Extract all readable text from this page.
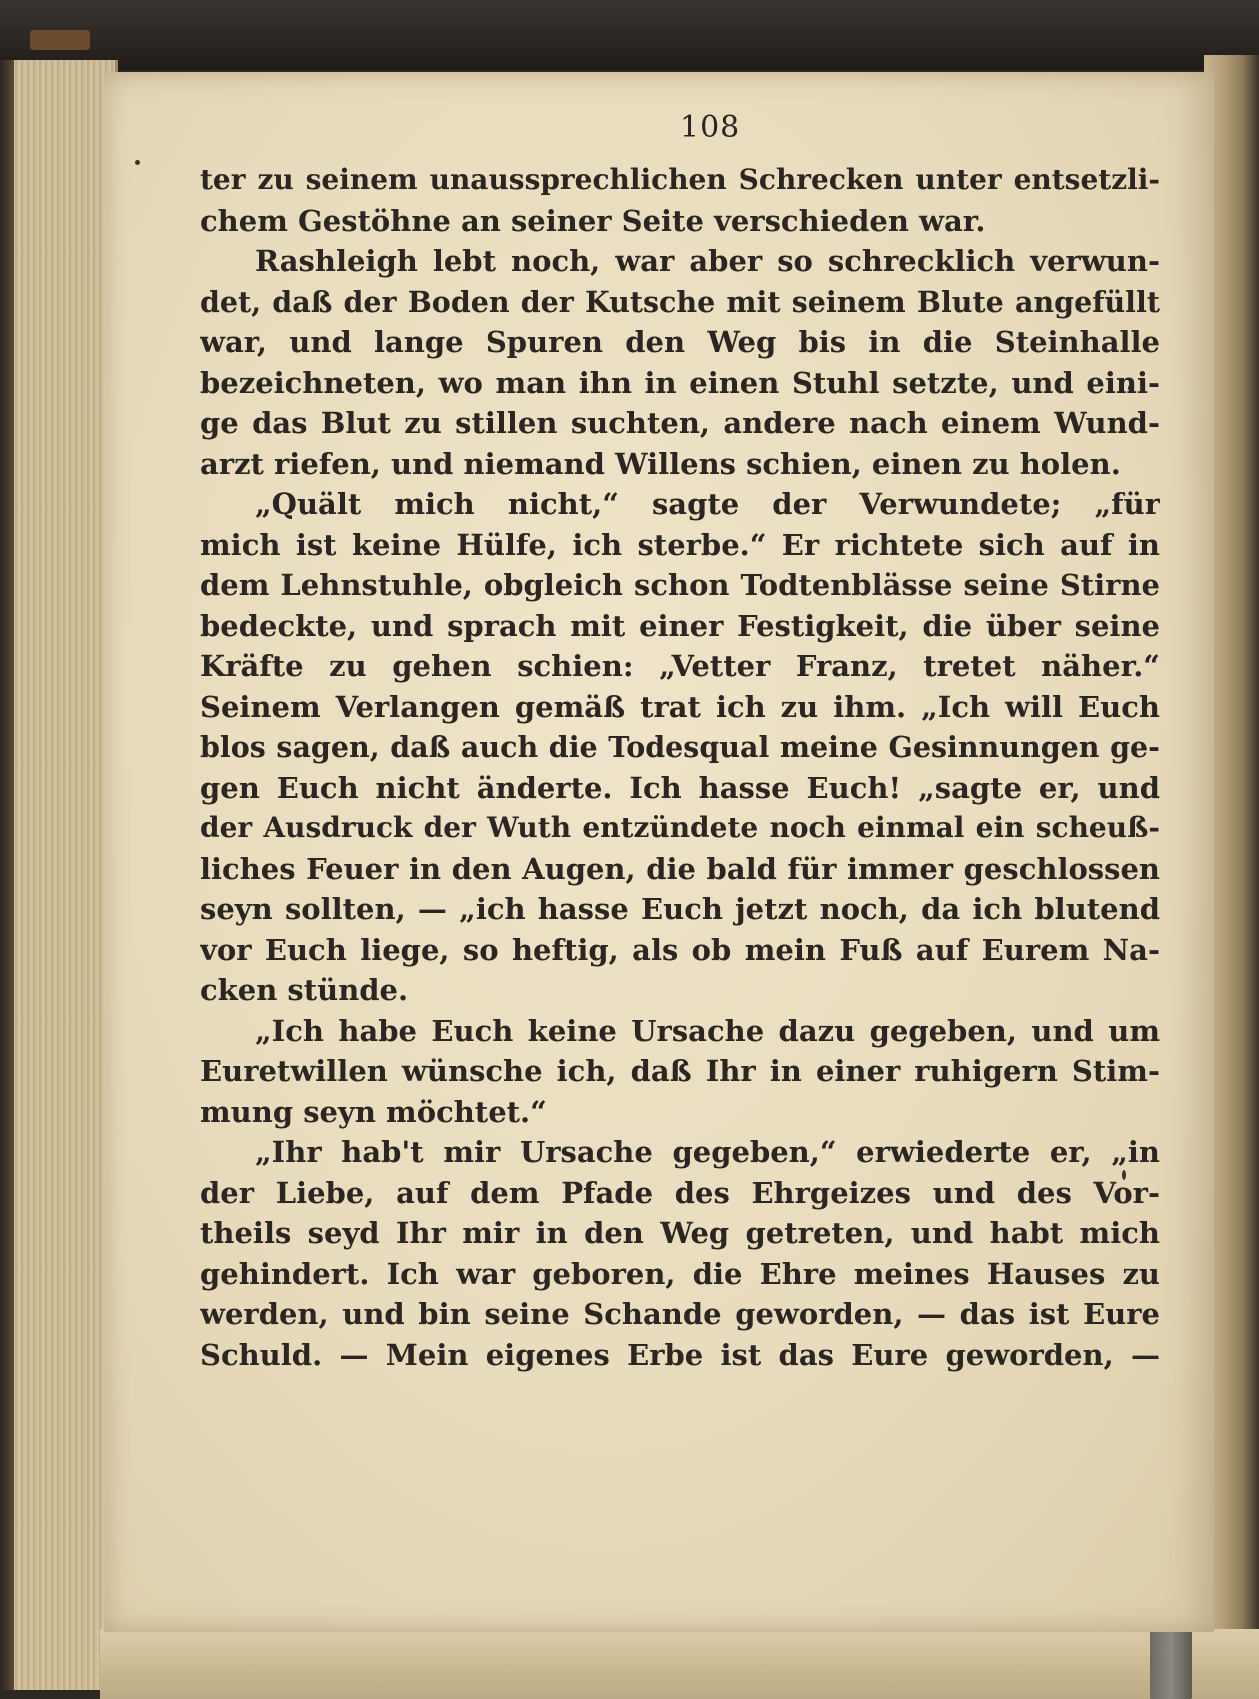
108
ter zu seinem unaussprechlichen Schrecken unter entsetzli-
chem Gestöhne an seiner Seite verschieden war.
Rashleigh lebt noch, war aber so schrecklich verwun-
det, daß der Boden der Kutsche mit seinem Blute angefüllt
war, und lange Spuren den Weg bis in die Steinhalle
bezeichneten, wo man ihn in einen Stuhl setzte, und eini-
ge das Blut zu stillen suchten, andere nach einem Wund-
arzt riefen, und niemand Willens schien, einen zu holen.
„Quält mich nicht,“ sagte der Verwundete; „für
mich ist keine Hülfe, ich sterbe.“ Er richtete sich auf in
dem Lehnstuhle, obgleich schon Todtenblässe seine Stirne
bedeckte, und sprach mit einer Festigkeit, die über seine
Kräfte zu gehen schien: „Vetter Franz, tretet näher.“
Seinem Verlangen gemäß trat ich zu ihm. „Ich will Euch
blos sagen, daß auch die Todesqual meine Gesinnungen ge-
gen Euch nicht änderte. Ich hasse Euch! „sagte er, und
der Ausdruck der Wuth entzündete noch einmal ein scheuß-
liches Feuer in den Augen, die bald für immer geschlossen
seyn sollten, — „ich hasse Euch jetzt noch, da ich blutend
vor Euch liege, so heftig, als ob mein Fuß auf Eurem Na-
cken stünde.
„Ich habe Euch keine Ursache dazu gegeben, und um
Euretwillen wünsche ich, daß Ihr in einer ruhigern Stim-
mung seyn möchtet.“
„Ihr hab't mir Ursache gegeben,“ erwiederte er, „in
der Liebe, auf dem Pfade des Ehrgeizes und des Vor-
theils seyd Ihr mir in den Weg getreten, und habt mich
gehindert. Ich war geboren, die Ehre meines Hauses zu
werden, und bin seine Schande geworden, — das ist Eure
Schuld. — Mein eigenes Erbe ist das Eure geworden, —
